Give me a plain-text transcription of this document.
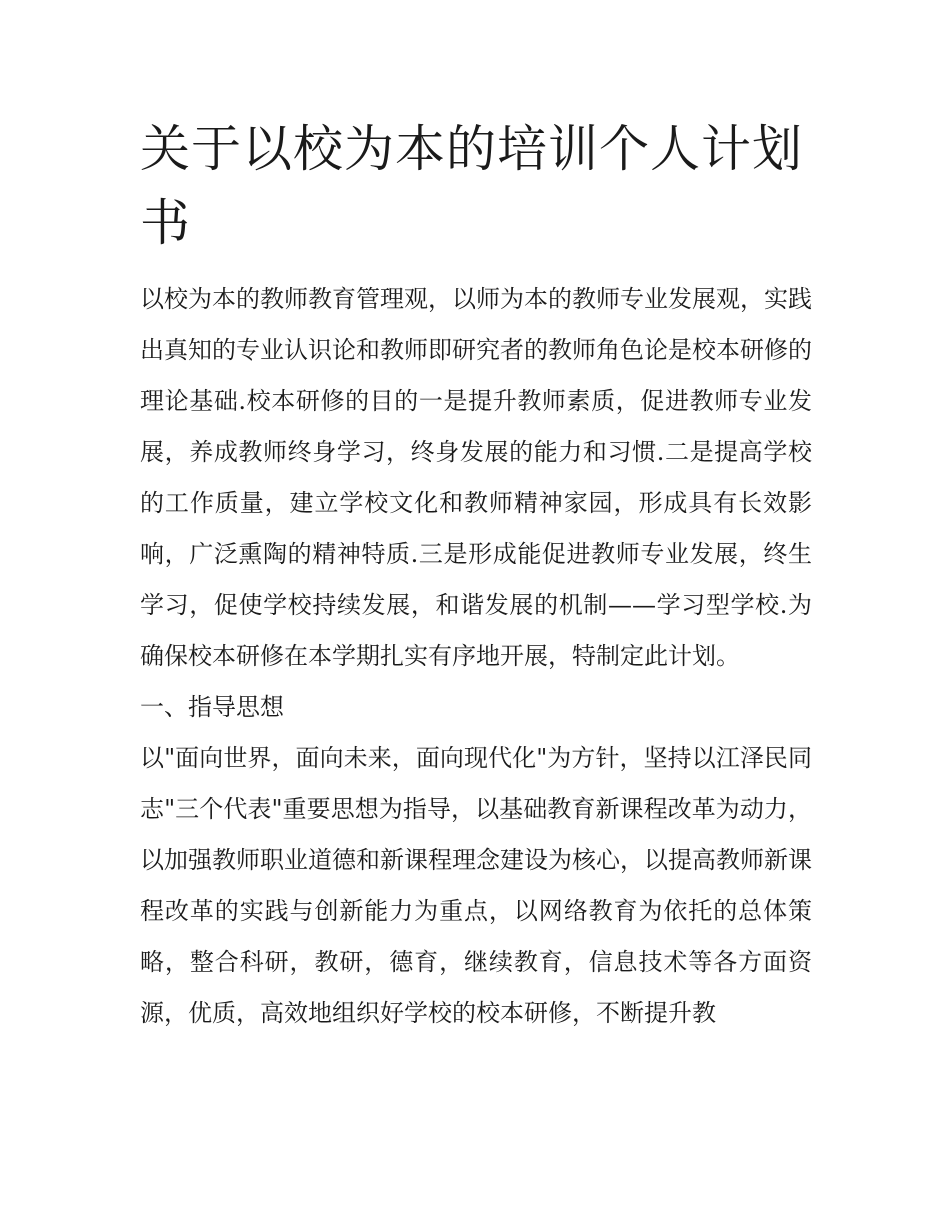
关于以校为本的培训个人计划书

以校为本的教师教育管理观，以师为本的教师专业发展观，实践出真知的专业认识论和教师即研究者的教师角色论是校本研修的理论基础.校本研修的目的一是提升教师素质，促进教师专业发展，养成教师终身学习，终身发展的能力和习惯.二是提高学校的工作质量，建立学校文化和教师精神家园，形成具有长效影响，广泛熏陶的精神特质.三是形成能促进教师专业发展，终生学习，促使学校持续发展，和谐发展的机制——学习型学校.为确保校本研修在本学期扎实有序地开展，特制定此计划。

一、指导思想

以"面向世界，面向未来，面向现代化"为方针，坚持以江泽民同志"三个代表"重要思想为指导，以基础教育新课程改革为动力，以加强教师职业道德和新课程理念建设为核心，以提高教师新课程改革的实践与创新能力为重点，以网络教育为依托的总体策略，整合科研，教研，德育，继续教育，信息技术等各方面资源，优质，高效地组织好学校的校本研修，不断提升教
